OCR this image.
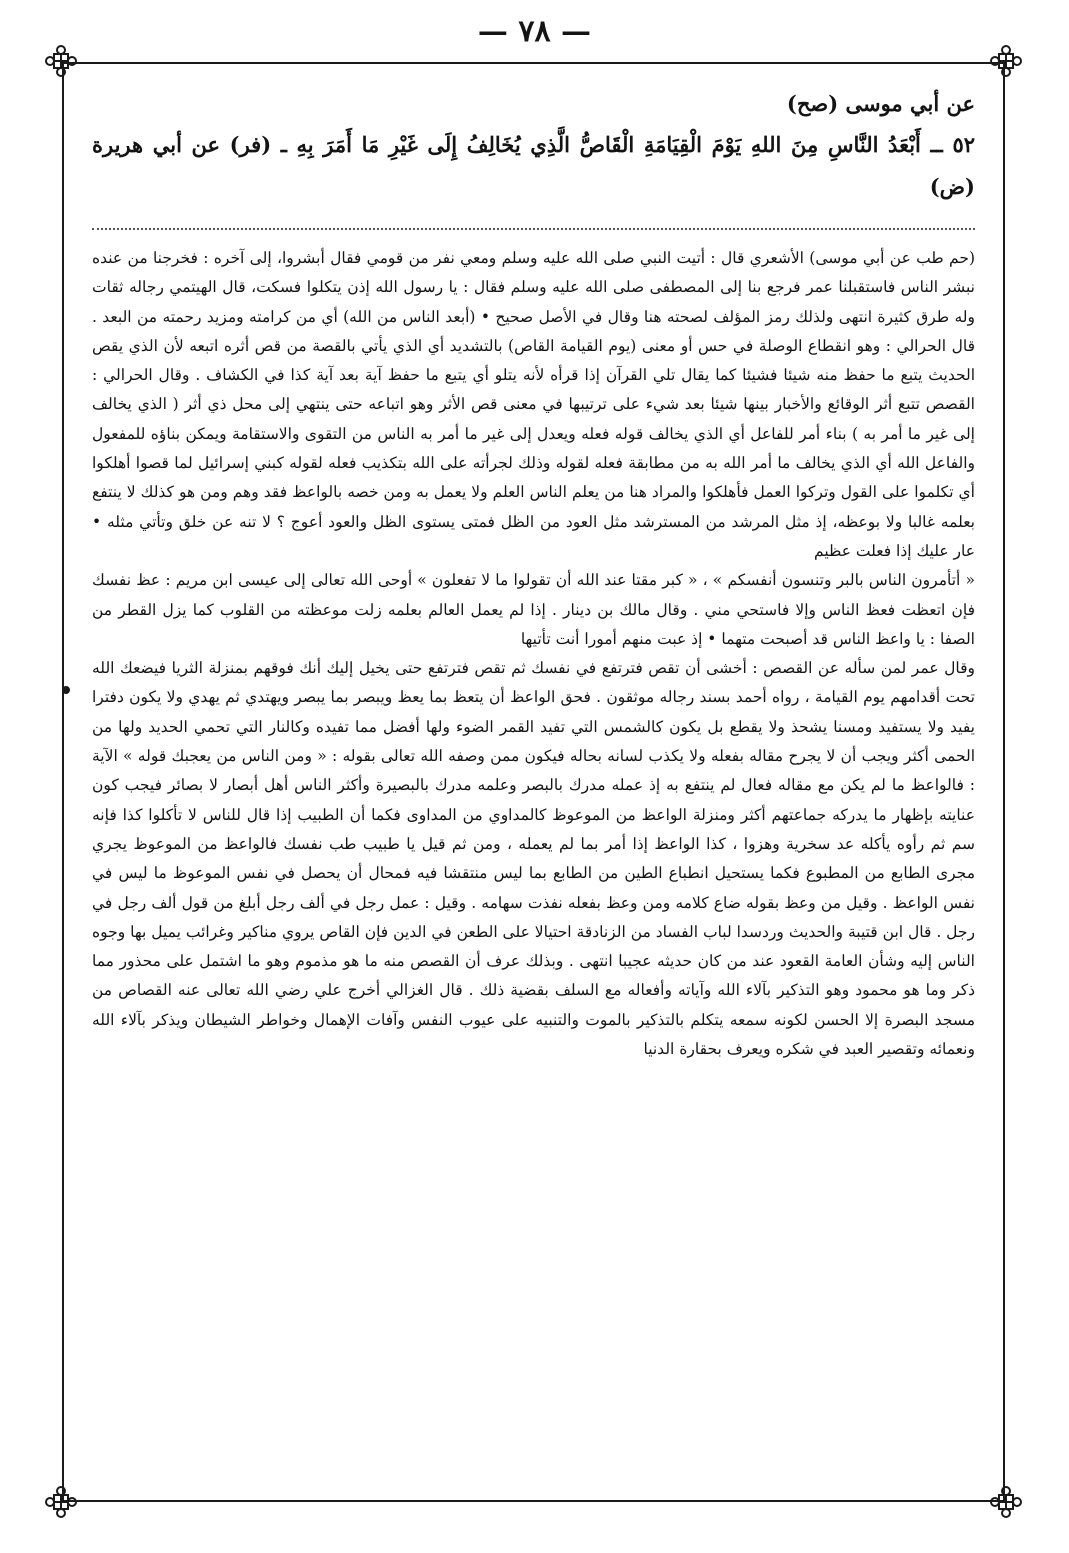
— ٧٨ —

عن أبي موسى (صح)

٥٢ ــ أَبْعَدُ النَّاسِ مِنَ اللهِ يَوْمَ الْقِيَامَةِ الْقَاصُّ الَّذِي يُخَالِفُ إِلَى غَيْرِ مَا أَمَرَ بِهِ ـ (فر) عن أبي هريرة (ض)

(حم طب عن أبي موسى) الأشعري قال : أتيت النبي صلى الله عليه وسلم ومعي نفر من قومي فقال أبشروا، إلى آخره : فخرجنا من عنده نبشر الناس فاستقبلنا عمر فرجع بنا إلى المصطفى صلى الله عليه وسلم فقال : يا رسول الله إذن يتكلوا فسكت، قال الهيتمي رجاله ثقات وله طرق كثيرة انتهى ولذلك رمز المؤلف لصحته هنا وقال في الأصل صحيح • (أبعد الناس من الله) أي من كرامته ومزيد رحمته من البعد . قال الحرالي : وهو انقطاع الوصلة في حس أو معنى (يوم القيامة القاص) بالتشديد أي الذي يأتي بالقصة من قص أثره اتبعه لأن الذي يقص الحديث يتبع ما حفظ منه شيئا فشيئا كما يقال تلي القرآن إذا قرأه لأنه يتلو أي يتبع ما حفظ آية بعد آية كذا في الكشاف . وقال الحرالي : القصص تتبع أثر الوقائع والأخبار بينها شيئا بعد شيء على ترتيبها في معنى قص الأثر وهو اتباعه حتى ينتهي إلى محل ذي أثر ( الذي يخالف إلى غير ما أمر به ) بناء أمر للفاعل أي الذي يخالف قوله فعله ويعدل إلى غير ما أمر به الناس من التقوى والاستقامة ويمكن بناؤه للمفعول والفاعل الله أي الذي يخالف ما أمر الله به من مطابقة فعله لقوله وذلك لجرأته على الله بتكذيب فعله لقوله كبني إسرائيل لما قصوا أهلكوا أي تكلموا على القول وتركوا العمل فأهلكوا والمراد هنا من يعلم الناس العلم ولا يعمل به ومن خصه بالواعظ فقد وهم ومن هو كذلك لا ينتفع بعلمه غالبا ولا بوعظه، إذ مثل المرشد من المسترشد مثل العود من الظل فمتى يستوى الظل والعود أعوج ؟ لا تنه عن خلق وتأتي مثله • عار عليك إذا فعلت عظيم

« أتأمرون الناس بالبر وتنسون أنفسكم » ، « كبر مقتا عند الله أن تقولوا ما لا تفعلون » أوحى الله تعالى إلى عيسى ابن مريم : عظ نفسك فإن اتعظت فعظ الناس وإلا فاستحي مني . وقال مالك بن دينار . إذا لم يعمل العالم بعلمه زلت موعظته من القلوب كما يزل القطر من الصفا : يا واعظ الناس قد أصبحت متهما • إذ عبت منهم أمورا أنت تأتيها

وقال عمر لمن سأله عن القصص : أخشى أن تقص فترتفع في نفسك ثم تقص فترتفع حتى يخيل إليك أنك فوقهم بمنزلة الثريا فيضعك الله تحت أقدامهم يوم القيامة ، رواه أحمد بسند رجاله موثقون . فحق الواعظ أن يتعظ بما يعظ ويبصر بما يبصر ويهتدي ثم يهدي ولا يكون دفترا يفيد ولا يستفيد ومسنا يشحذ ولا يقطع بل يكون كالشمس التي تفيد القمر الضوء ولها أفضل مما تفيده وكالنار التي تحمي الحديد ولها من الحمى أكثر ويجب أن لا يجرح مقاله بفعله ولا يكذب لسانه بحاله فيكون ممن وصفه الله تعالى بقوله : « ومن الناس من يعجبك قوله » الآية : فالواعظ ما لم يكن مع مقاله فعال لم ينتفع به إذ عمله مدرك بالبصر وعلمه مدرك بالبصيرة وأكثر الناس أهل أبصار لا بصائر فيجب كون عنايته بإظهار ما يدركه جماعتهم أكثر ومنزلة الواعظ من الموعوظ كالمداوي من المداوى فكما أن الطبيب إذا قال للناس لا تأكلوا كذا فإنه سم ثم رأوه يأكله عد سخرية وهزوا ، كذا الواعظ إذا أمر بما لم يعمله ، ومن ثم قيل يا طبيب طب نفسك فالواعظ من الموعوظ يجري مجرى الطابع من المطبوع فكما يستحيل انطباع الطين من الطابع بما ليس منتقشا فيه فمحال أن يحصل في نفس الموعوظ ما ليس في نفس الواعظ . وقيل من وعظ بقوله ضاع كلامه ومن وعظ بفعله نفذت سهامه . وقيل : عمل رجل في ألف رجل أبلغ من قول ألف رجل في رجل . قال ابن قتيبة والحديث وردسدا لباب الفساد من الزنادقة احتيالا على الطعن في الدين فإن القاص يروي مناكير وغرائب يميل بها وجوه الناس إليه وشأن العامة القعود عند من كان حديثه عجيبا انتهى . وبذلك عرف أن القصص منه ما هو مذموم وهو ما اشتمل على محذور مما ذكر وما هو محمود وهو التذكير بآلاء الله وآياته وأفعاله مع السلف بقضية ذلك . قال الغزالي أخرج علي رضي الله تعالى عنه القصاص من مسجد البصرة إلا الحسن لكونه سمعه يتكلم بالتذكير بالموت والتنبيه على عيوب النفس وآفات الإهمال وخواطر الشيطان ويذكر بآلاء الله ونعمائه وتقصير العبد في شكره ويعرف بحقارة الدنيا
